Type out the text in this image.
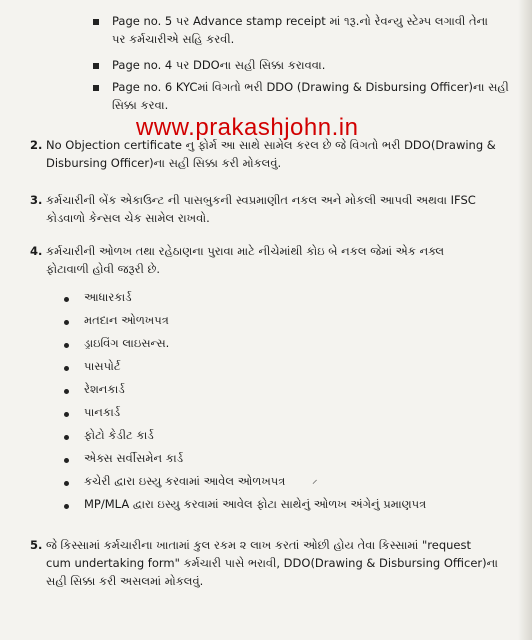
Page no. 5 પર Advance stamp receipt માં ૧રૂ.નો રેવન્યુ સ્ટેમ્પ લગાવી તેના
પર કર્મચારીએ સહિ કરવી.
Page no. 4 પર DDOના સહી સિક્કા કરાવવા.
Page no. 6 KYCમાં વિગતો ભરી DDO (Drawing & Disbursing Officer)ના સહી
સિક્કા કરવા.
www.prakashjohn.in
2. No Objection certificate નુ ફોર્મ આ સાથે સામેલ કરલ છે જે વિગતો ભરી DDO(Drawing &
Disbursing Officer)ના સહી સિક્કા કરી મોકલવું.
3. કર્મચારીની બેંક એકાઉન્ટ ની પાસબુકની સ્વપ્રમાણીત નકલ અને મોકલી આપવી અથવા IFSC
કોડવાળો કેન્સલ ચેક સામેલ રાખવો.
4. કર્મચારીની ઓળખ તથા રહેઠાણના પુરાવા માટે નીચેમાંથી કોઇ બે નકલ જેમાં એક નક્લ
ફોટાવાળી હોવી જરૂરી છે.
આધારકાર્ડ
મતદાન ઓળખપત્ર
ડ્રાઇવિંગ લાઇસન્સ.
પાસપોર્ટ
રેશનકાર્ડ
પાનકાર્ડ
ફોટો કેડીટ કાર્ડ
એક્સ સર્વીસમેન કાર્ડ
કચેરી દ્વારા ઇસ્યુ કરવામાં આવેલ ઓળખપત્ર ⸝
MP/MLA દ્વારા ઇસ્યુ કરવામાં આવેલ ફોટા સાથેનું ઓળખ અંગેનું પ્રમાણપત્ર
5. જે કિસ્સામાં કર્મચારીના ખાતામાં કુલ રકમ ૨ લાખ કરતાં ઓછી હોય તેવા કિસ્સામાં "request
cum undertaking form" કર્મચારી પાસે ભરાવી, DDO(Drawing & Disbursing Officer)ના
સહી સિક્કા કરી અસલમાં મોકલવું.
